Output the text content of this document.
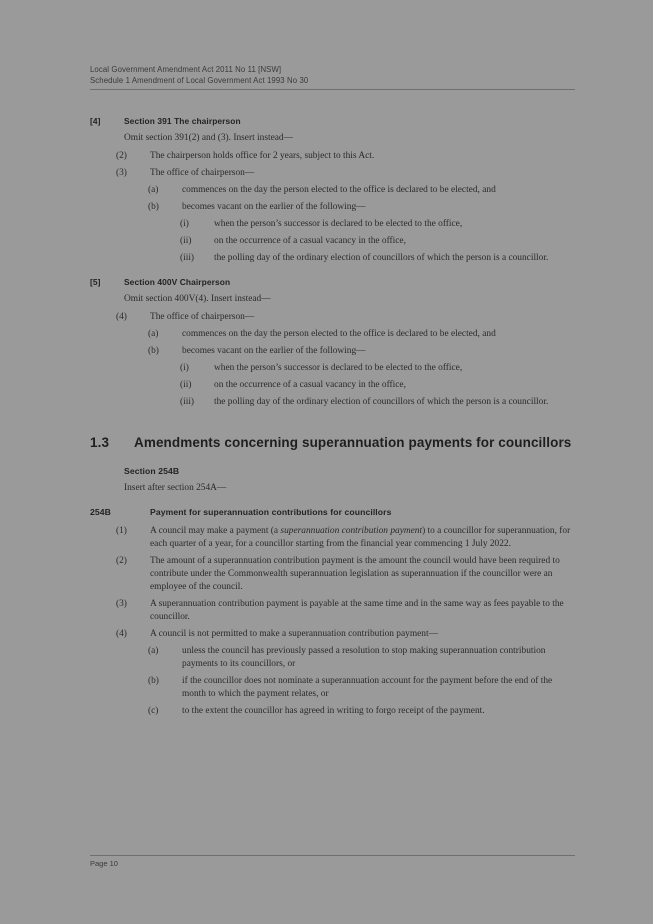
Local Government Amendment Act 2011 No 11 [NSW]
Schedule 1 Amendment of Local Government Act 1993 No 30
[4]	Section 391 The chairperson
Omit section 391(2) and (3). Insert instead—
(2)	The chairperson holds office for 2 years, subject to this Act.
(3)	The office of chairperson—
(a)	commences on the day the person elected to the office is declared to be elected, and
(b)	becomes vacant on the earlier of the following—
(i)	when the person’s successor is declared to be elected to the office,
(ii)	on the occurrence of a casual vacancy in the office,
(iii)	the polling day of the ordinary election of councillors of which the person is a councillor.
[5]	Section 400V Chairperson
Omit section 400V(4). Insert instead—
(4)	The office of chairperson—
(a)	commences on the day the person elected to the office is declared to be elected, and
(b)	becomes vacant on the earlier of the following—
(i)	when the person’s successor is declared to be elected to the office,
(ii)	on the occurrence of a casual vacancy in the office,
(iii)	the polling day of the ordinary election of councillors of which the person is a councillor.
1.3 Amendments concerning superannuation payments for councillors
Section 254B
Insert after section 254A—
254B	Payment for superannuation contributions for councillors
(1)	A council may make a payment (a superannuation contribution payment) to a councillor for superannuation, for each quarter of a year, for a councillor starting from the financial year commencing 1 July 2022.
(2)	The amount of a superannuation contribution payment is the amount the council would have been required to contribute under the Commonwealth superannuation legislation as superannuation if the councillor were an employee of the council.
(3)	A superannuation contribution payment is payable at the same time and in the same way as fees payable to the councillor.
(4)	A council is not permitted to make a superannuation contribution payment—
(a)	unless the council has previously passed a resolution to stop making superannuation contribution payments to its councillors, or
(b)	if the councillor does not nominate a superannuation account for the payment before the end of the month to which the payment relates, or
(c)	to the extent the councillor has agreed in writing to forgo receipt of the payment.
Page 10
